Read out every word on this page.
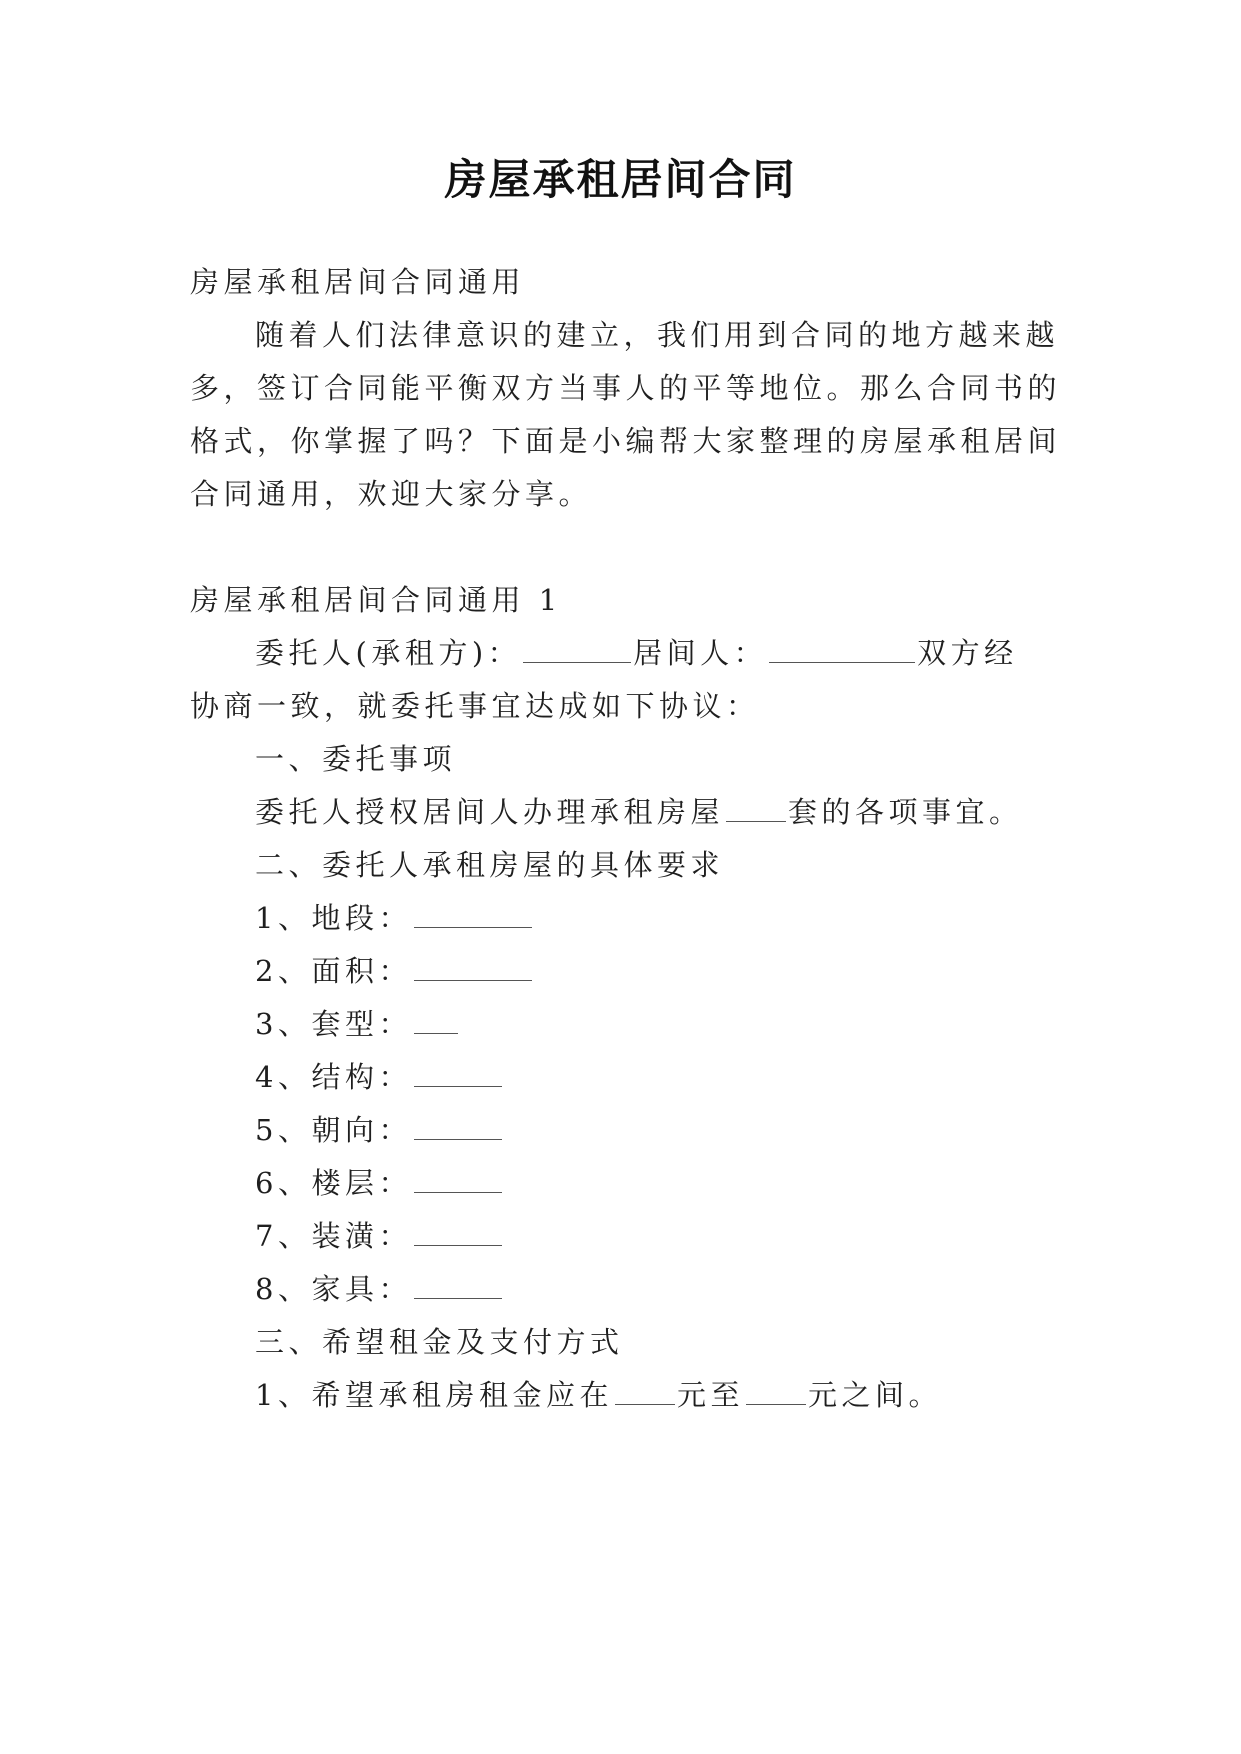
房屋承租居间合同
房屋承租居间合同通用
随着人们法律意识的建立，我们用到合同的地方越来越
多，签订合同能平衡双方当事人的平等地位。那么合同书的
格式，你掌握了吗？下面是小编帮大家整理的房屋承租居间
合同通用，欢迎大家分享。
房屋承租居间合同通用 1
委托人(承租方)：	居间人：	双方经
协商一致，就委托事宜达成如下协议：
一、委托事项
委托人授权居间人办理承租房屋 套的各项事宜。
二、委托人承租房屋的具体要求
1、地段：
2、面积：
3、套型：
4、结构：
5、朝向：
6、楼层：
7、装潢：
8、家具：
三、希望租金及支付方式
1、希望承租房租金应在 元至 元之间。
